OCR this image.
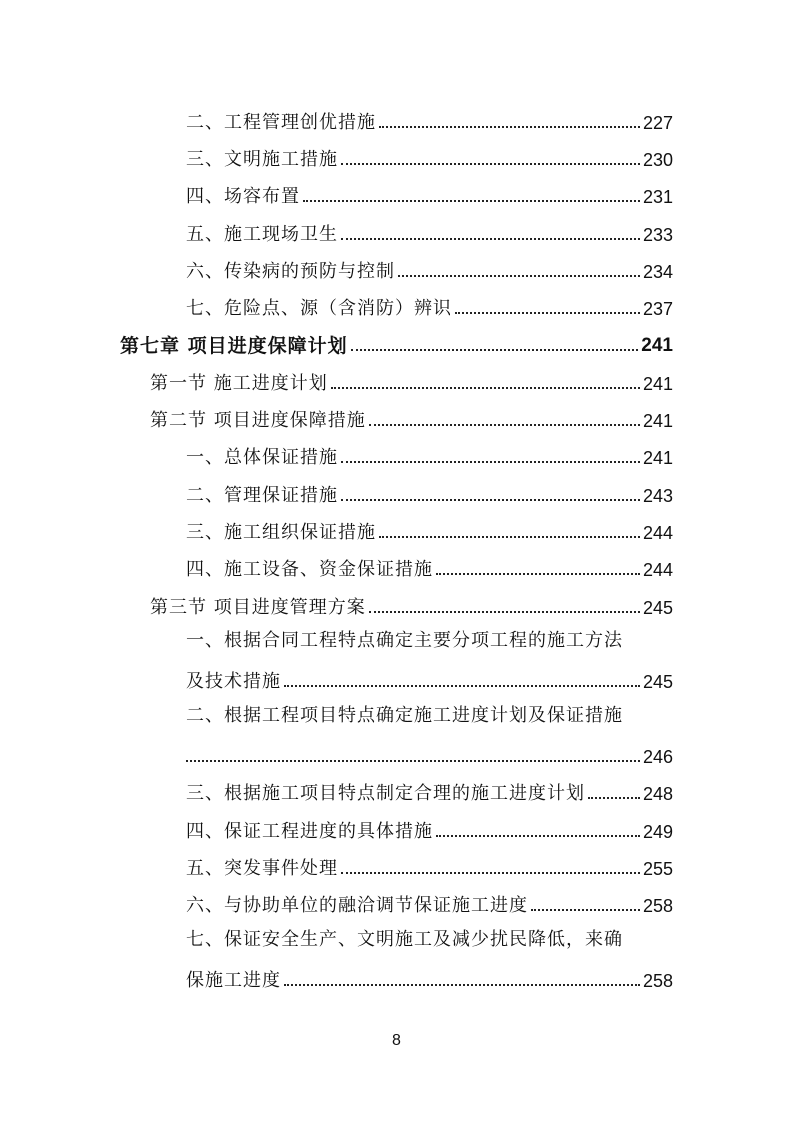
二、工程管理创优措施	227
三、文明施工措施	230
四、场容布置	231
五、施工现场卫生	233
六、传染病的预防与控制	234
七、危险点、源（含消防）辨识	237
第七章 项目进度保障计划	241
第一节 施工进度计划	241
第二节 项目进度保障措施	241
一、总体保证措施	241
二、管理保证措施	243
三、施工组织保证措施	244
四、施工设备、资金保证措施	244
第三节 项目进度管理方案	245
一、根据合同工程特点确定主要分项工程的施工方法
及技术措施	245
二、根据工程项目特点确定施工进度计划及保证措施
246
三、根据施工项目特点制定合理的施工进度计划	248
四、保证工程进度的具体措施	249
五、突发事件处理	255
六、与协助单位的融洽调节保证施工进度	258
七、保证安全生产、文明施工及减少扰民降低，来确
保施工进度	258
8
